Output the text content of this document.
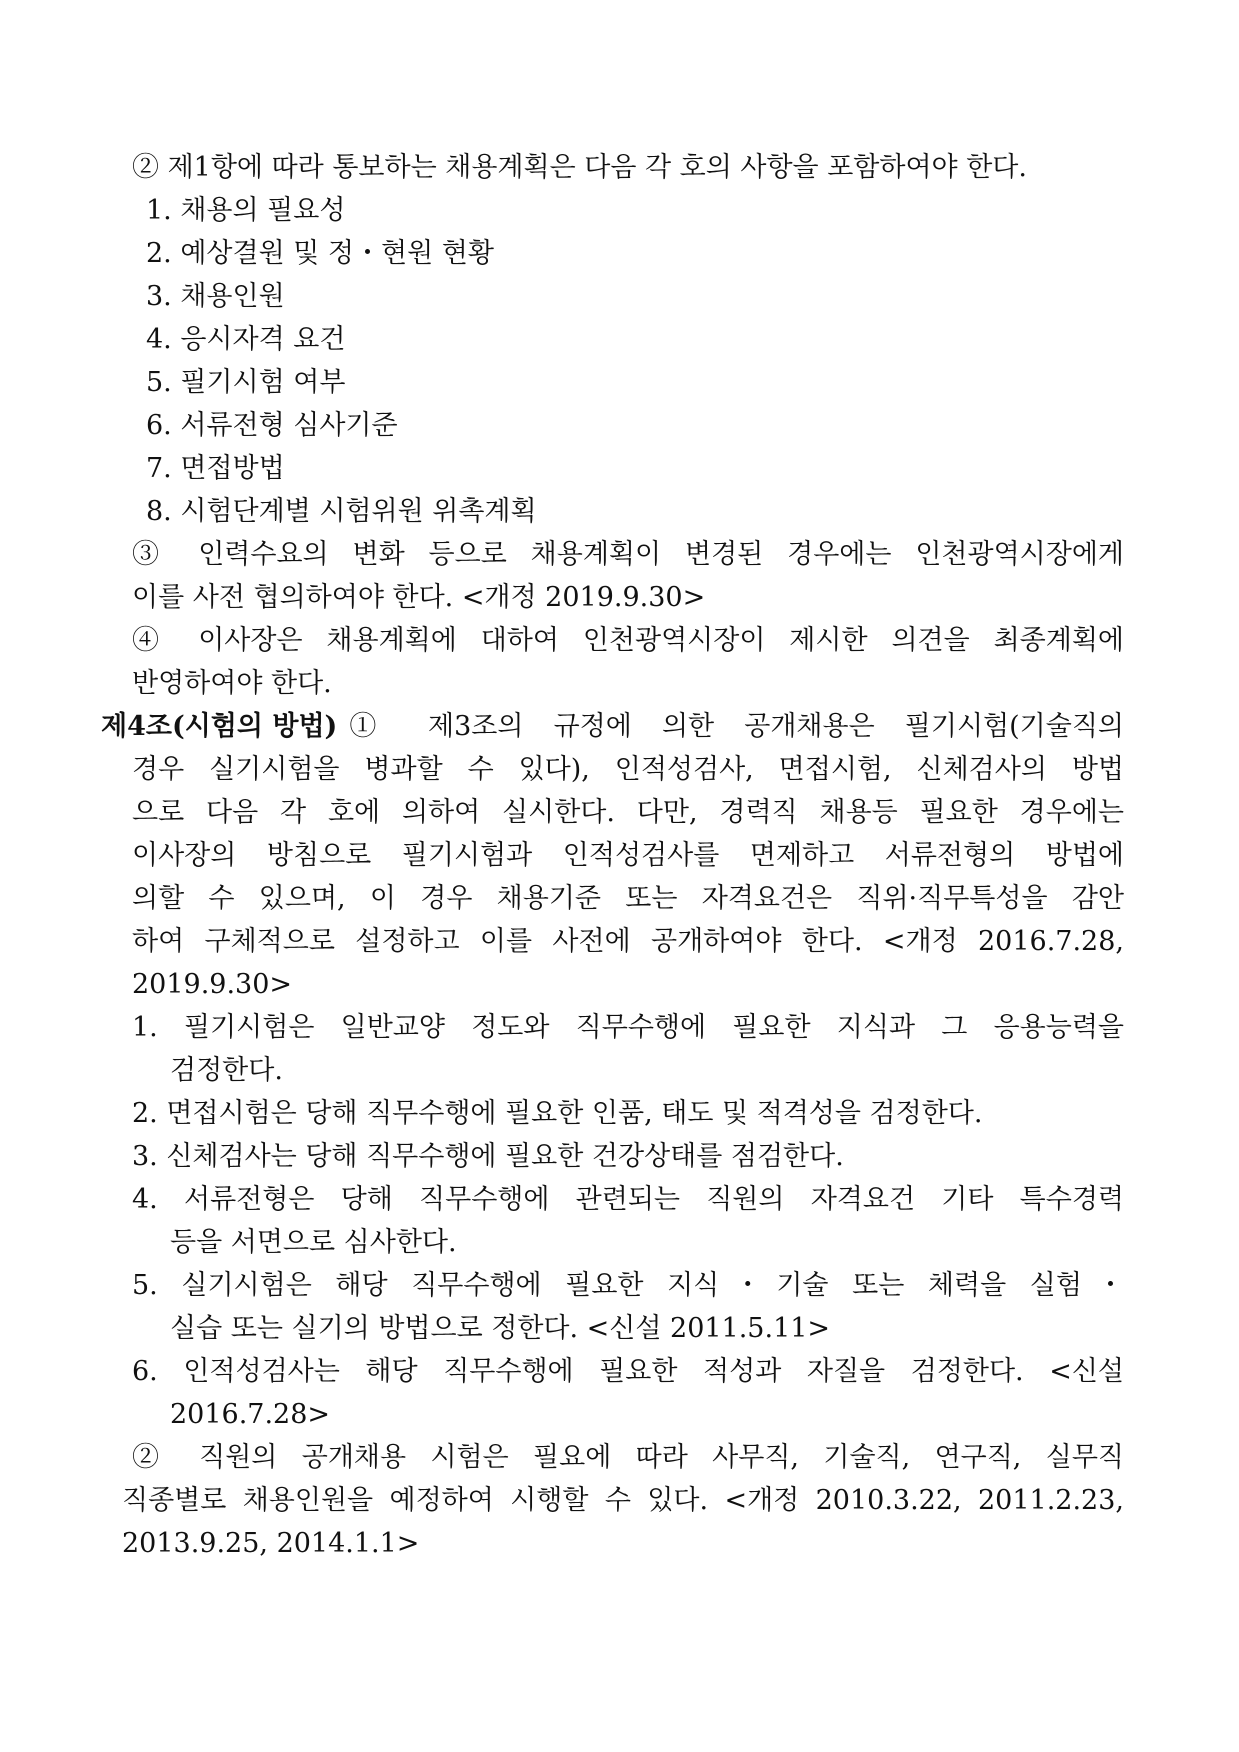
② 제1항에 따라 통보하는 채용계획은 다음 각 호의 사항을 포함하여야 한다.
1. 채용의 필요성
2. 예상결원 및 정・현원 현황
3. 채용인원
4. 응시자격 요건
5. 필기시험 여부
6. 서류전형 심사기준
7. 면접방법
8. 시험단계별 시험위원 위촉계획
③ 인력수요의 변화 등으로 채용계획이 변경된 경우에는 인천광역시장에게
이를 사전 협의하여야 한다. <개정 2019.9.30>
④ 이사장은 채용계획에 대하여 인천광역시장이 제시한 의견을 최종계획에
반영하여야 한다.
제4조(시험의 방법) ① 제3조의 규정에 의한 공개채용은 필기시험(기술직의
경우 실기시험을 병과할 수 있다), 인적성검사, 면접시험, 신체검사의 방법
으로 다음 각 호에 의하여 실시한다. 다만, 경력직 채용등 필요한 경우에는
이사장의 방침으로 필기시험과 인적성검사를 면제하고 서류전형의 방법에
의할 수 있으며, 이 경우 채용기준 또는 자격요건은 직위·직무특성을 감안
하여 구체적으로 설정하고 이를 사전에 공개하여야 한다. <개정 2016.7.28,
2019.9.30>
1. 필기시험은 일반교양 정도와 직무수행에 필요한 지식과 그 응용능력을
검정한다.
2. 면접시험은 당해 직무수행에 필요한 인품, 태도 및 적격성을 검정한다.
3. 신체검사는 당해 직무수행에 필요한 건강상태를 점검한다.
4. 서류전형은 당해 직무수행에 관련되는 직원의 자격요건 기타 특수경력
등을 서면으로 심사한다.
5. 실기시험은 해당 직무수행에 필요한 지식・기술 또는 체력을 실험・
실습 또는 실기의 방법으로 정한다. <신설 2011.5.11>
6. 인적성검사는 해당 직무수행에 필요한 적성과 자질을 검정한다. <신설
2016.7.28>
② 직원의 공개채용 시험은 필요에 따라 사무직, 기술직, 연구직, 실무직
직종별로 채용인원을 예정하여 시행할 수 있다. <개정 2010.3.22, 2011.2.23,
2013.9.25, 2014.1.1>
